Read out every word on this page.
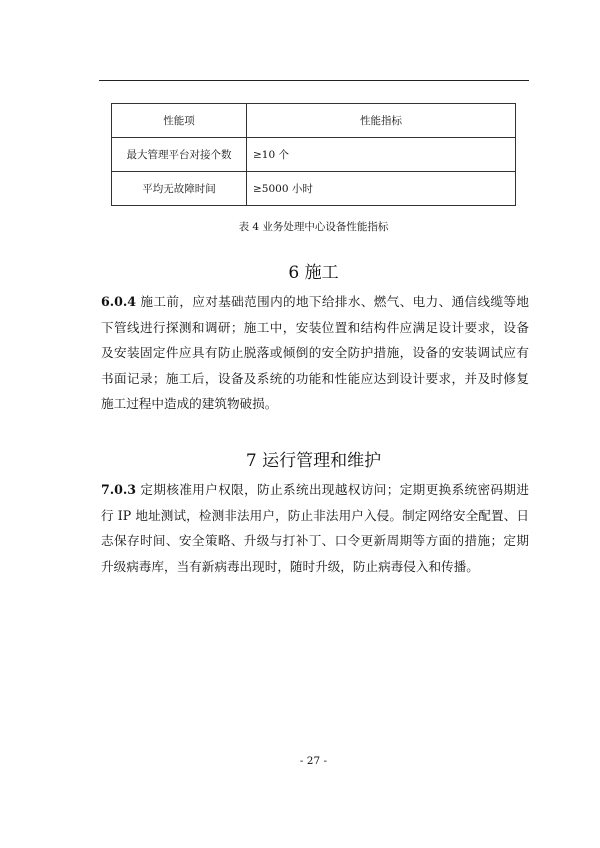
性能项	性能指标
最大管理平台对接个数	≥10 个
平均无故障时间	≥5000 小时
表 4 业务处理中心设备性能指标
6 施工

6.0.4 施工前，应对基础范围内的地下给排水、燃气、电力、通信线缆等地下管线进行探测和调研；施工中，安装位置和结构件应满足设计要求，设备及安装固定件应具有防止脱落或倾倒的安全防护措施，设备的安装调试应有书面记录；施工后，设备及系统的功能和性能应达到设计要求，并及时修复施工过程中造成的建筑物破损。

7 运行管理和维护

7.0.3 定期核准用户权限，防止系统出现越权访问；定期更换系统密码期进行 IP 地址测试，检测非法用户，防止非法用户入侵。制定网络安全配置、日志保存时间、安全策略、升级与打补丁、口令更新周期等方面的措施；定期升级病毒库，当有新病毒出现时，随时升级，防止病毒侵入和传播。

- 27 -
